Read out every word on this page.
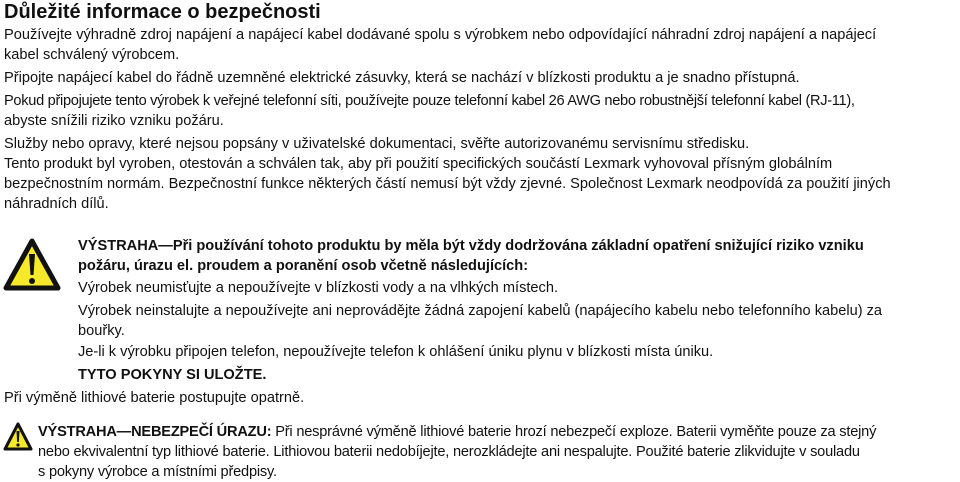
Důležité informace o bezpečnosti
Používejte výhradně zdroj napájení a napájecí kabel dodávané spolu s výrobkem nebo odpovídající náhradní zdroj napájení a napájecí
kabel schválený výrobcem.
Připojte napájecí kabel do řádně uzemněné elektrické zásuvky, která se nachází v blízkosti produktu a je snadno přístupná.
Pokud připojujete tento výrobek k veřejné telefonní síti, používejte pouze telefonní kabel 26 AWG nebo robustnější telefonní kabel (RJ-11),
abyste snížili riziko vzniku požáru.
Služby nebo opravy, které nejsou popsány v uživatelské dokumentaci, svěřte autorizovanému servisnímu středisku.
Tento produkt byl vyroben, otestován a schválen tak, aby při použití specifických součástí Lexmark vyhovoval přísným globálním
bezpečnostním normám. Bezpečnostní funkce některých částí nemusí být vždy zjevné. Společnost Lexmark neodpovídá za použití jiných
náhradních dílů.
VÝSTRAHA—Při používání tohoto produktu by měla být vždy dodržována základní opatření snižující riziko vzniku
požáru, úrazu el. proudem a poranění osob včetně následujících:
Výrobek neumisťujte a nepoužívejte v blízkosti vody a na vlhkých místech.
Výrobek neinstalujte a nepoužívejte ani neprovádějte žádná zapojení kabelů (napájecího kabelu nebo telefonního kabelu) za
bouřky.
Je-li k výrobku připojen telefon, nepoužívejte telefon k ohlášení úniku plynu v blízkosti místa úniku.
TYTO POKYNY SI ULOŽTE.
Při výměně lithiové baterie postupujte opatrně.
VÝSTRAHA—NEBEZPEČÍ ÚRAZU: Při nesprávné výměně lithiové baterie hrozí nebezpečí exploze. Baterii vyměňte pouze za stejný
nebo ekvivalentní typ lithiové baterie. Lithiovou baterii nedobíjejte, nerozkládejte ani nespalujte. Použité baterie zlikvidujte v souladu
s pokyny výrobce a místními předpisy.
